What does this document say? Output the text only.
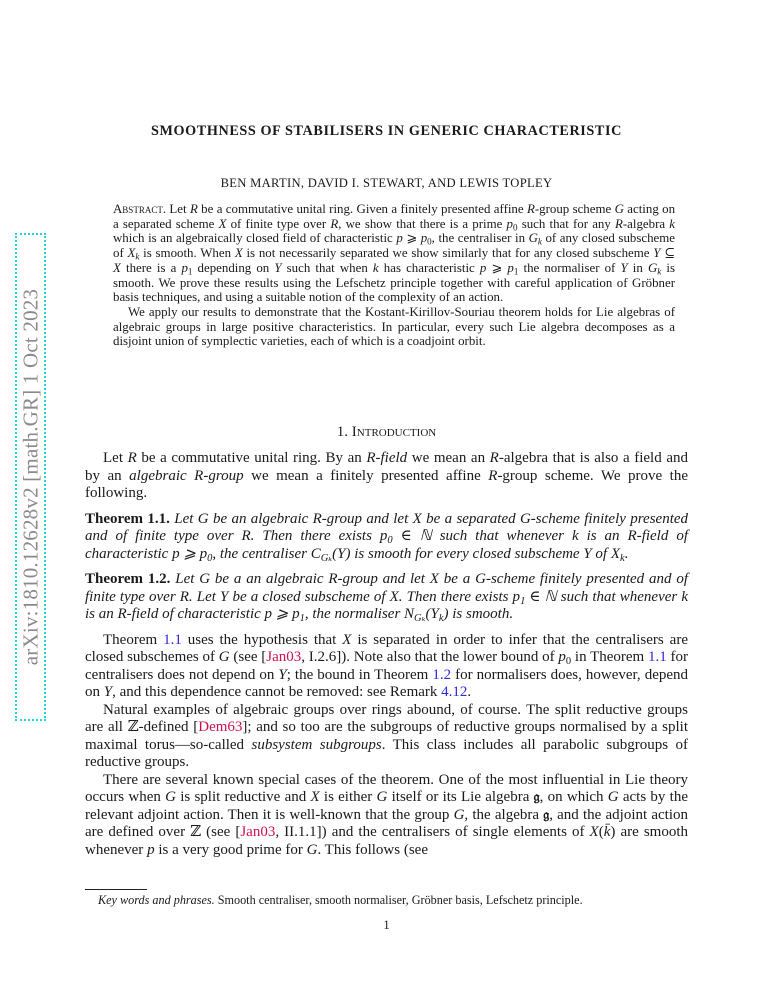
arXiv:1810.12628v2 [math.GR] 1 Oct 2023
SMOOTHNESS OF STABILISERS IN GENERIC CHARACTERISTIC
BEN MARTIN, DAVID I. STEWART, AND LEWIS TOPLEY

Abstract. Let R be a commutative unital ring. Given a finitely presented affine R-group scheme G acting on a separated scheme X of finite type over R, we show that there is a prime $p_0$ such that for any R-algebra k which is an algebraically closed field of characteristic p ⩾ $p_0$, the centraliser in $G_k$ of any closed subscheme of $X_k$ is smooth. When X is not necessarily separated we show similarly that for any closed subscheme Y ⊆ X there is a $p_1$ depending on Y such that when k has characteristic p ⩾ $p_1$ the normaliser of Y in $G_k$ is smooth. We prove these results using the Lefschetz principle together with careful application of Gröbner basis techniques, and using a suitable notion of the complexity of an action.

We apply our results to demonstrate that the Kostant-Kirillov-Souriau theorem holds for Lie algebras of algebraic groups in large positive characteristics. In particular, every such Lie algebra decomposes as a disjoint union of symplectic varieties, each of which is a coadjoint orbit.

1. Introduction

Let R be a commutative unital ring. By an R-field we mean an R-algebra that is also a field and by an algebraic R-group we mean a finitely presented affine R-group scheme. We prove the following.

Theorem 1.1. Let G be an algebraic R-group and let X be a separated G-scheme finitely presented and of finite type over R. Then there exists $p_0$ ∈ ℕ such that whenever k is an R-field of characteristic p ⩾ $p_0$, the centraliser $C_{G_k}(Y)$ is smooth for every closed subscheme Y of $X_k$.

Theorem 1.2. Let G be a an algebraic R-group and let X be a G-scheme finitely presented and of finite type over R. Let Y be a closed subscheme of X. Then there exists $p_1$ ∈ ℕ such that whenever k is an R-field of characteristic p ⩾ $p_1$, the normaliser $N_{G_k}(Y_k)$ is smooth.

Theorem 1.1 uses the hypothesis that X is separated in order to infer that the centralisers are closed subschemes of G (see [Jan03, I.2.6]). Note also that the lower bound of $p_0$ in Theorem 1.1 for centralisers does not depend on Y; the bound in Theorem 1.2 for normalisers does, however, depend on Y, and this dependence cannot be removed: see Remark 4.12.

Natural examples of algebraic groups over rings abound, of course. The split reductive groups are all ℤ-defined [Dem63]; and so too are the subgroups of reductive groups normalised by a split maximal torus—so-called subsystem subgroups. This class includes all parabolic subgroups of reductive groups.

There are several known special cases of the theorem. One of the most influential in Lie theory occurs when G is split reductive and X is either G itself or its Lie algebra 𝔤, on which G acts by the relevant adjoint action. Then it is well-known that the group G, the algebra 𝔤, and the adjoint action are defined over ℤ (see [Jan03, II.1.1]) and the centralisers of single elements of X(k̄) are smooth whenever p is a very good prime for G. This follows (see

Key words and phrases. Smooth centraliser, smooth normaliser, Gröbner basis, Lefschetz principle.
1
